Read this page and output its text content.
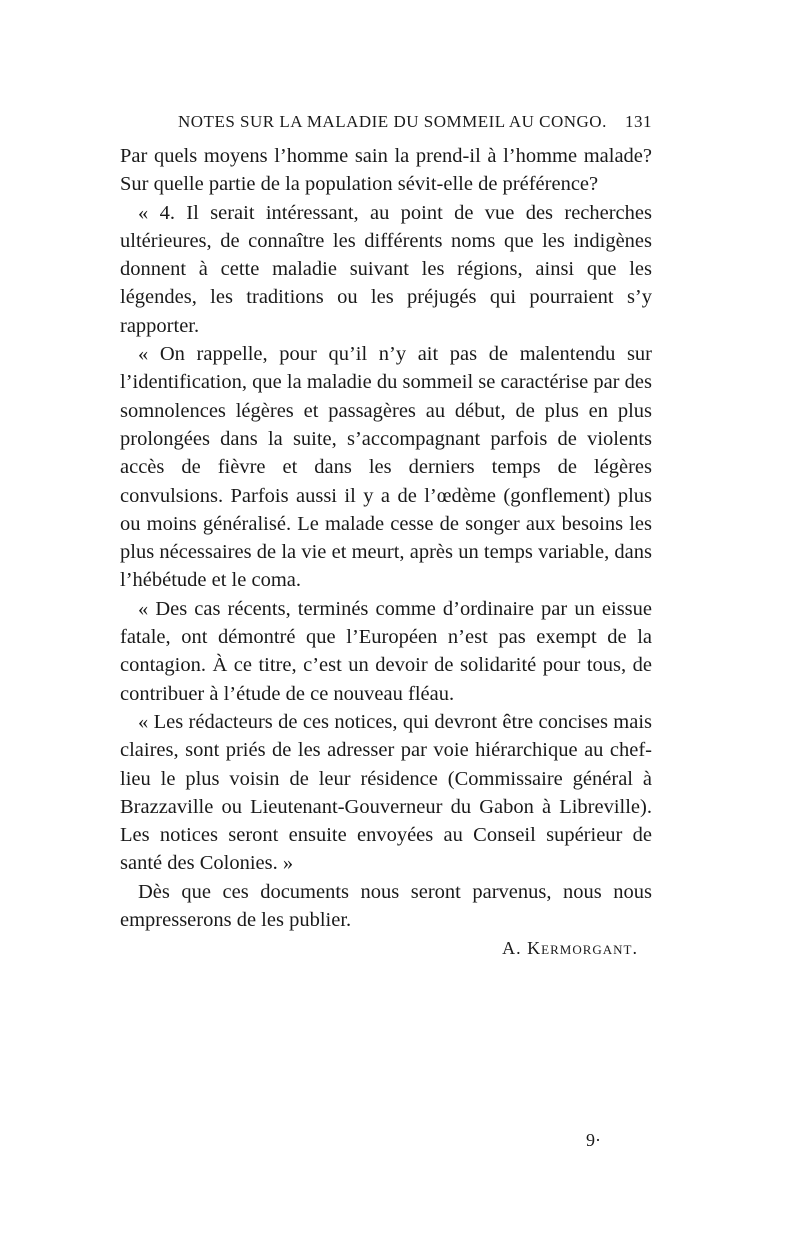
NOTES SUR LA MALADIE DU SOMMEIL AU CONGO. 131

Par quels moyens l’homme sain la prend-il à l’homme malade? Sur quelle partie de la population sévit-elle de préférence?

« 4. Il serait intéressant, au point de vue des recherches ultérieures, de connaître les différents noms que les indigènes donnent à cette maladie suivant les régions, ainsi que les légendes, les traditions ou les préjugés qui pourraient s’y rapporter.

« On rappelle, pour qu’il n’y ait pas de malentendu sur l’identification, que la maladie du sommeil se caractérise par des somnolences légères et passagères au début, de plus en plus prolongées dans la suite, s’accompagnant parfois de violents accès de fièvre et dans les derniers temps de légères convulsions. Parfois aussi il y a de l’œdème (gonflement) plus ou moins généralisé. Le malade cesse de songer aux besoins les plus nécessaires de la vie et meurt, après un temps variable, dans l’hébétude et le coma.

« Des cas récents, terminés comme d’ordinaire par un eissue fatale, ont démontré que l’Européen n’est pas exempt de la contagion. À ce titre, c’est un devoir de solidarité pour tous, de contribuer à l’étude de ce nouveau fléau.

« Les rédacteurs de ces notices, qui devront être concises mais claires, sont priés de les adresser par voie hiérarchique au chef-lieu le plus voisin de leur résidence (Commissaire général à Brazzaville ou Lieutenant-Gouverneur du Gabon à Libreville). Les notices seront ensuite envoyées au Conseil supérieur de santé des Colonies. »

Dès que ces documents nous seront parvenus, nous nous empresserons de les publier.

A. Kermorgant.
9·
